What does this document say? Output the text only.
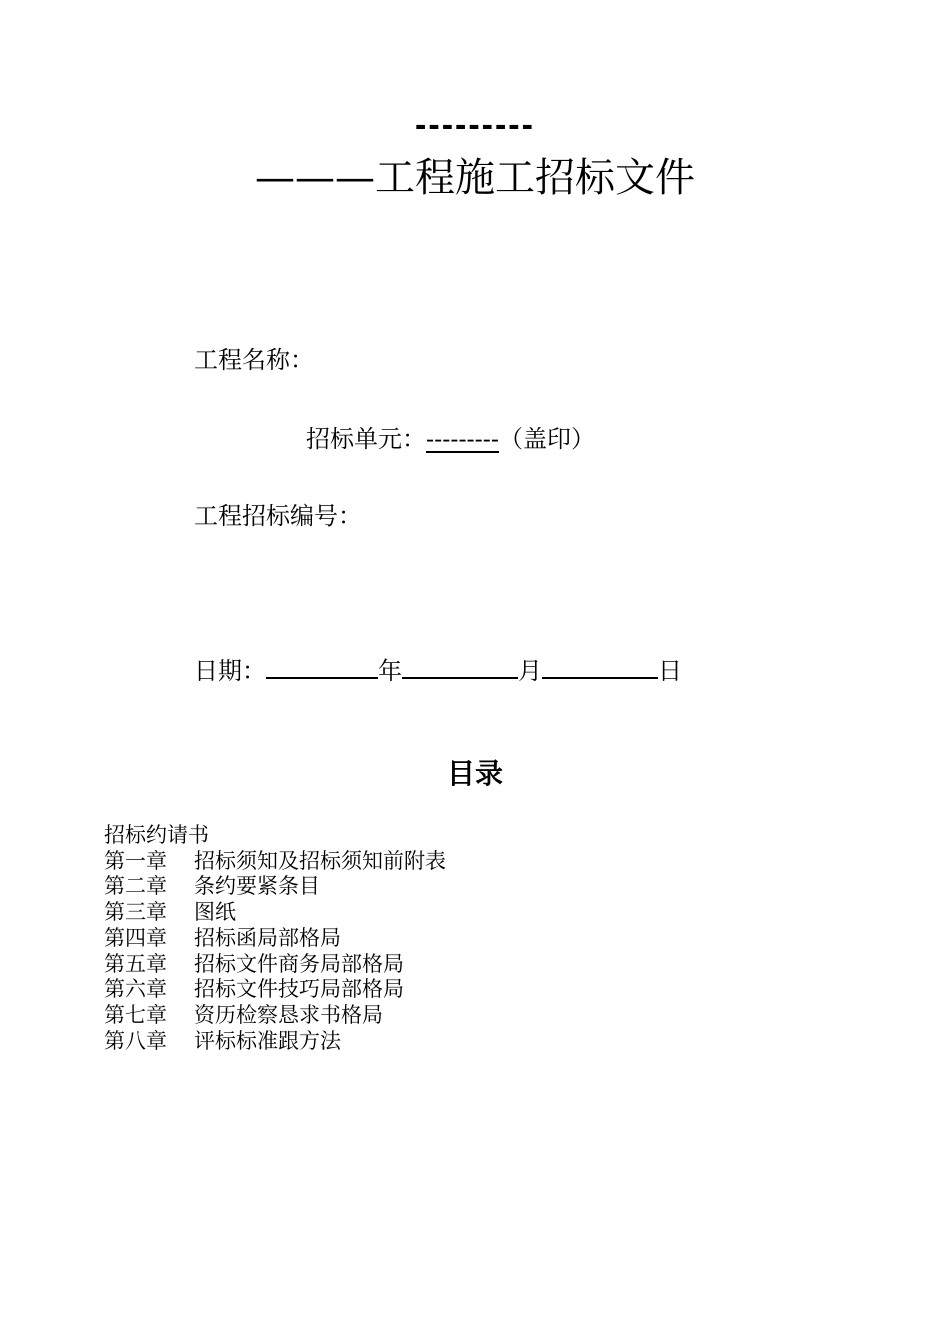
---------
———工程施工招标文件
工程名称：
招标单元：---------（盖印）
工程招标编号：
日期：	年	月	日
目录
招标约请书
第一章	招标须知及招标须知前附表
第二章	条约要紧条目
第三章	图纸
第四章	招标函局部格局
第五章	招标文件商务局部格局
第六章	招标文件技巧局部格局
第七章	资历检察恳求书格局
第八章	评标标准跟方法
